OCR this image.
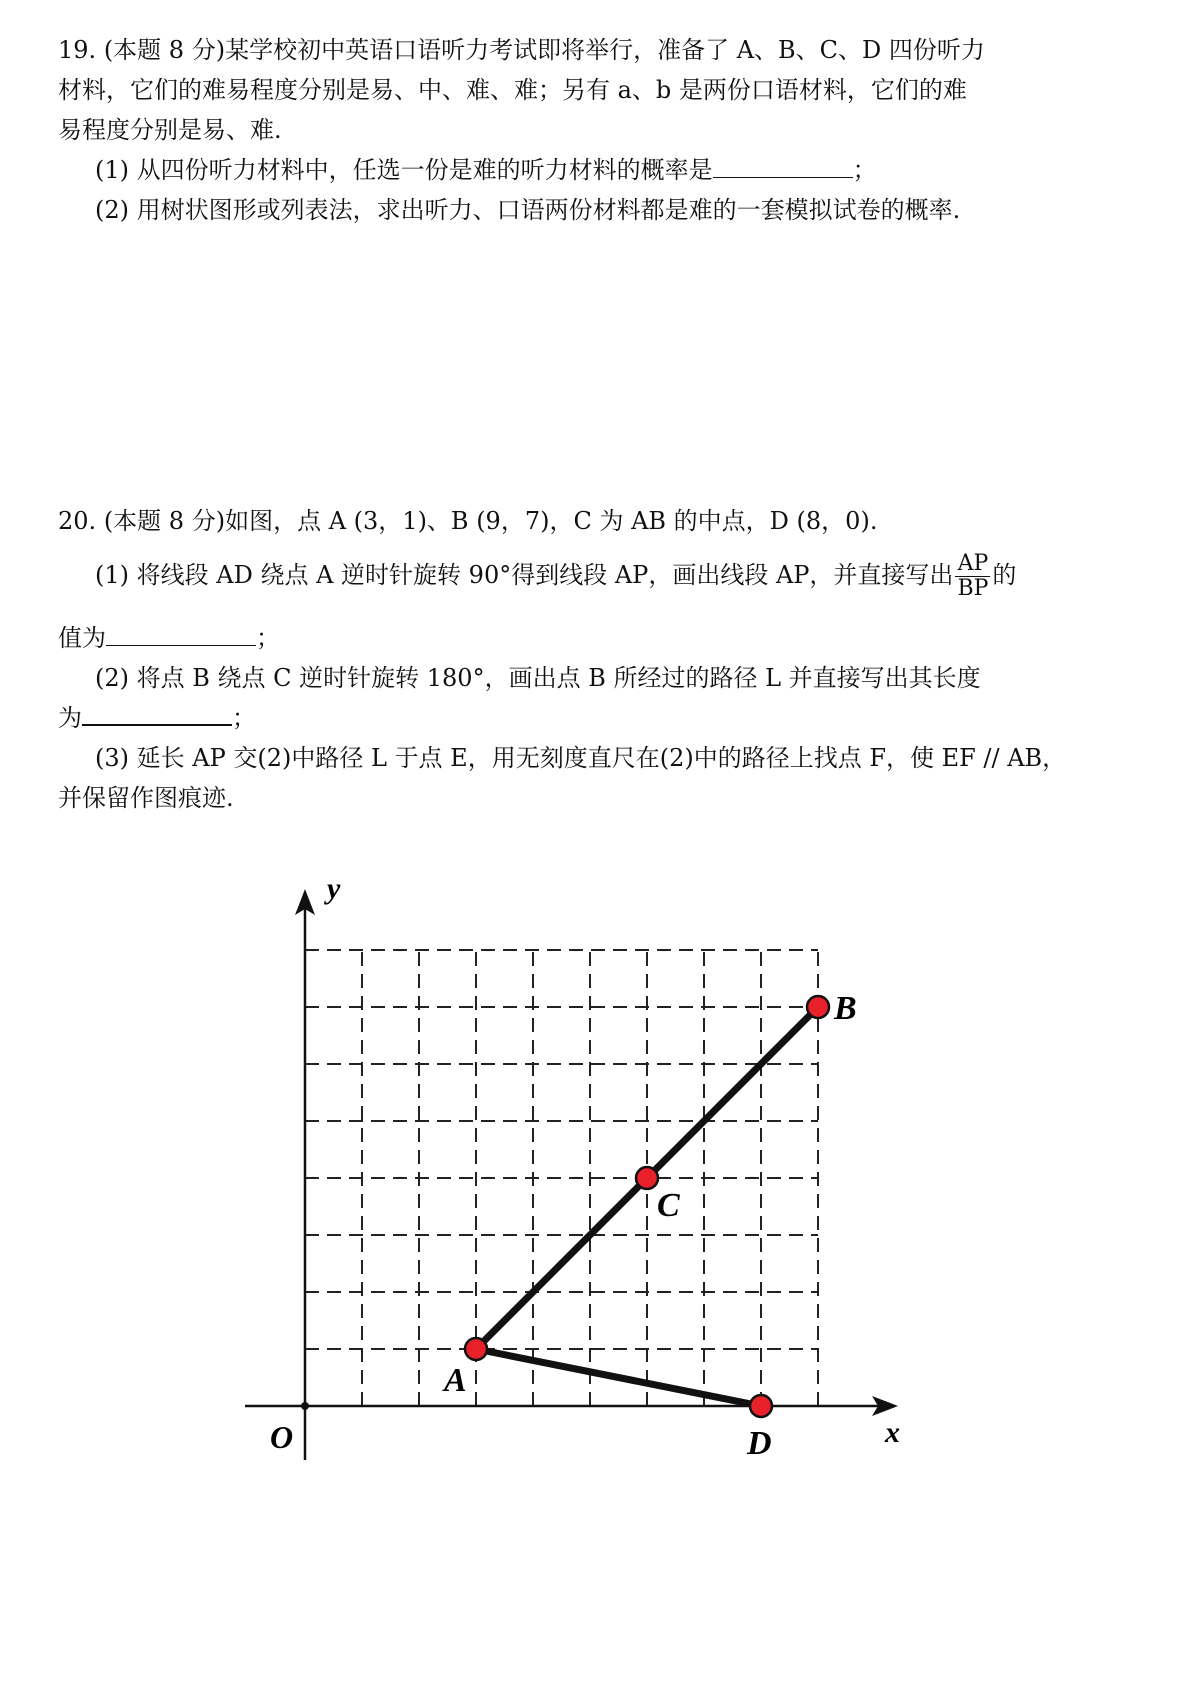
19. (本题 8 分)某学校初中英语口语听力考试即将举行，准备了 A、B、C、D 四份听力
材料，它们的难易程度分别是易、中、难、难；另有 a、b 是两份口语材料，它们的难
易程度分别是易、难.
(1) 从四份听力材料中，任选一份是难的听力材料的概率是	；
(2) 用树状图形或列表法，求出听力、口语两份材料都是难的一套模拟试卷的概率.
20. (本题 8 分)如图，点 A (3，1)、B (9，7)，C 为 AB 的中点，D (8，0).
(1) 将线段 AD 绕点 A 逆时针旋转 90°得到线段 AP，画出线段 AP，并直接写出 $\frac{AP}{BP}$ 的
值为	；
(2) 将点 B 绕点 C 逆时针旋转 180°，画出点 B 所经过的路径 L 并直接写出其长度
为	；
(3) 延长 AP 交(2)中路径 L 于点 E，用无刻度直尺在(2)中的路径上找点 F，使 EF // AB，
并保留作图痕迹.
x
y
O
A
B
C
D
